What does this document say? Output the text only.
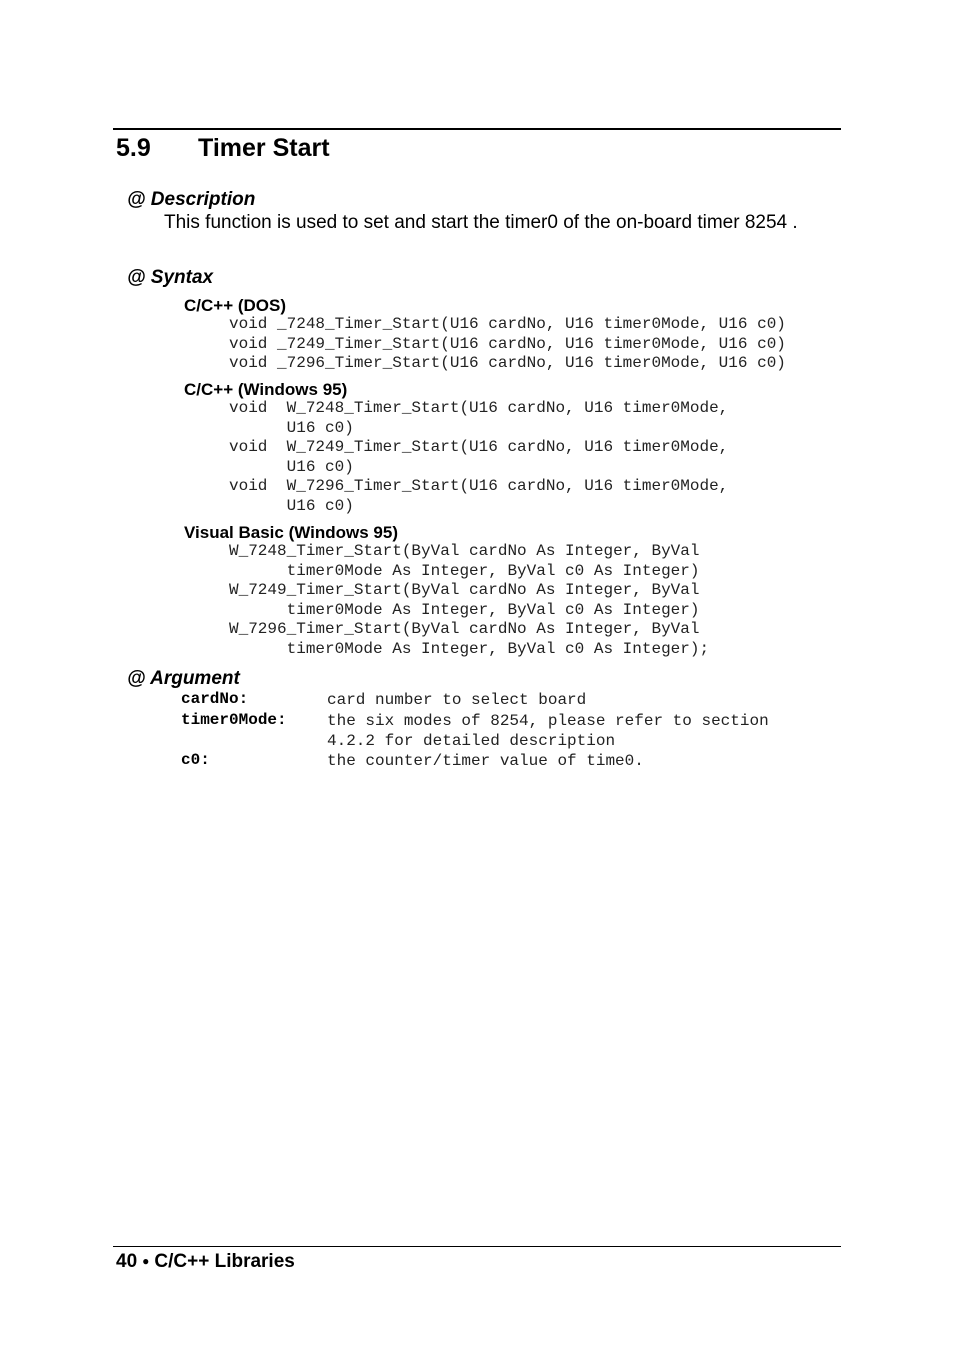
5.9 Timer Start
@ Description
This function is used to set and start the timer0 of the on-board timer 8254 .
@ Syntax
C/C++ (DOS)
void _7248_Timer_Start(U16 cardNo, U16 timer0Mode, U16 c0)
void _7249_Timer_Start(U16 cardNo, U16 timer0Mode, U16 c0)
void _7296_Timer_Start(U16 cardNo, U16 timer0Mode, U16 c0)
C/C++ (Windows 95)
void  W_7248_Timer_Start(U16 cardNo, U16 timer0Mode,
U16 c0)
void  W_7249_Timer_Start(U16 cardNo, U16 timer0Mode,
U16 c0)
void  W_7296_Timer_Start(U16 cardNo, U16 timer0Mode,
U16 c0)
Visual Basic (Windows 95)
W_7248_Timer_Start(ByVal cardNo As Integer, ByVal
timer0Mode As Integer, ByVal c0 As Integer)
W_7249_Timer_Start(ByVal cardNo As Integer, ByVal
timer0Mode As Integer, ByVal c0 As Integer)
W_7296_Timer_Start(ByVal cardNo As Integer, ByVal
timer0Mode As Integer, ByVal c0 As Integer);
@ Argument
cardNo:	card number to select board
timer0Mode:	the six modes of 8254, please refer to section
4.2.2 for detailed description
c0:	the counter/timer value of time0.
40 ● C/C++ Libraries
